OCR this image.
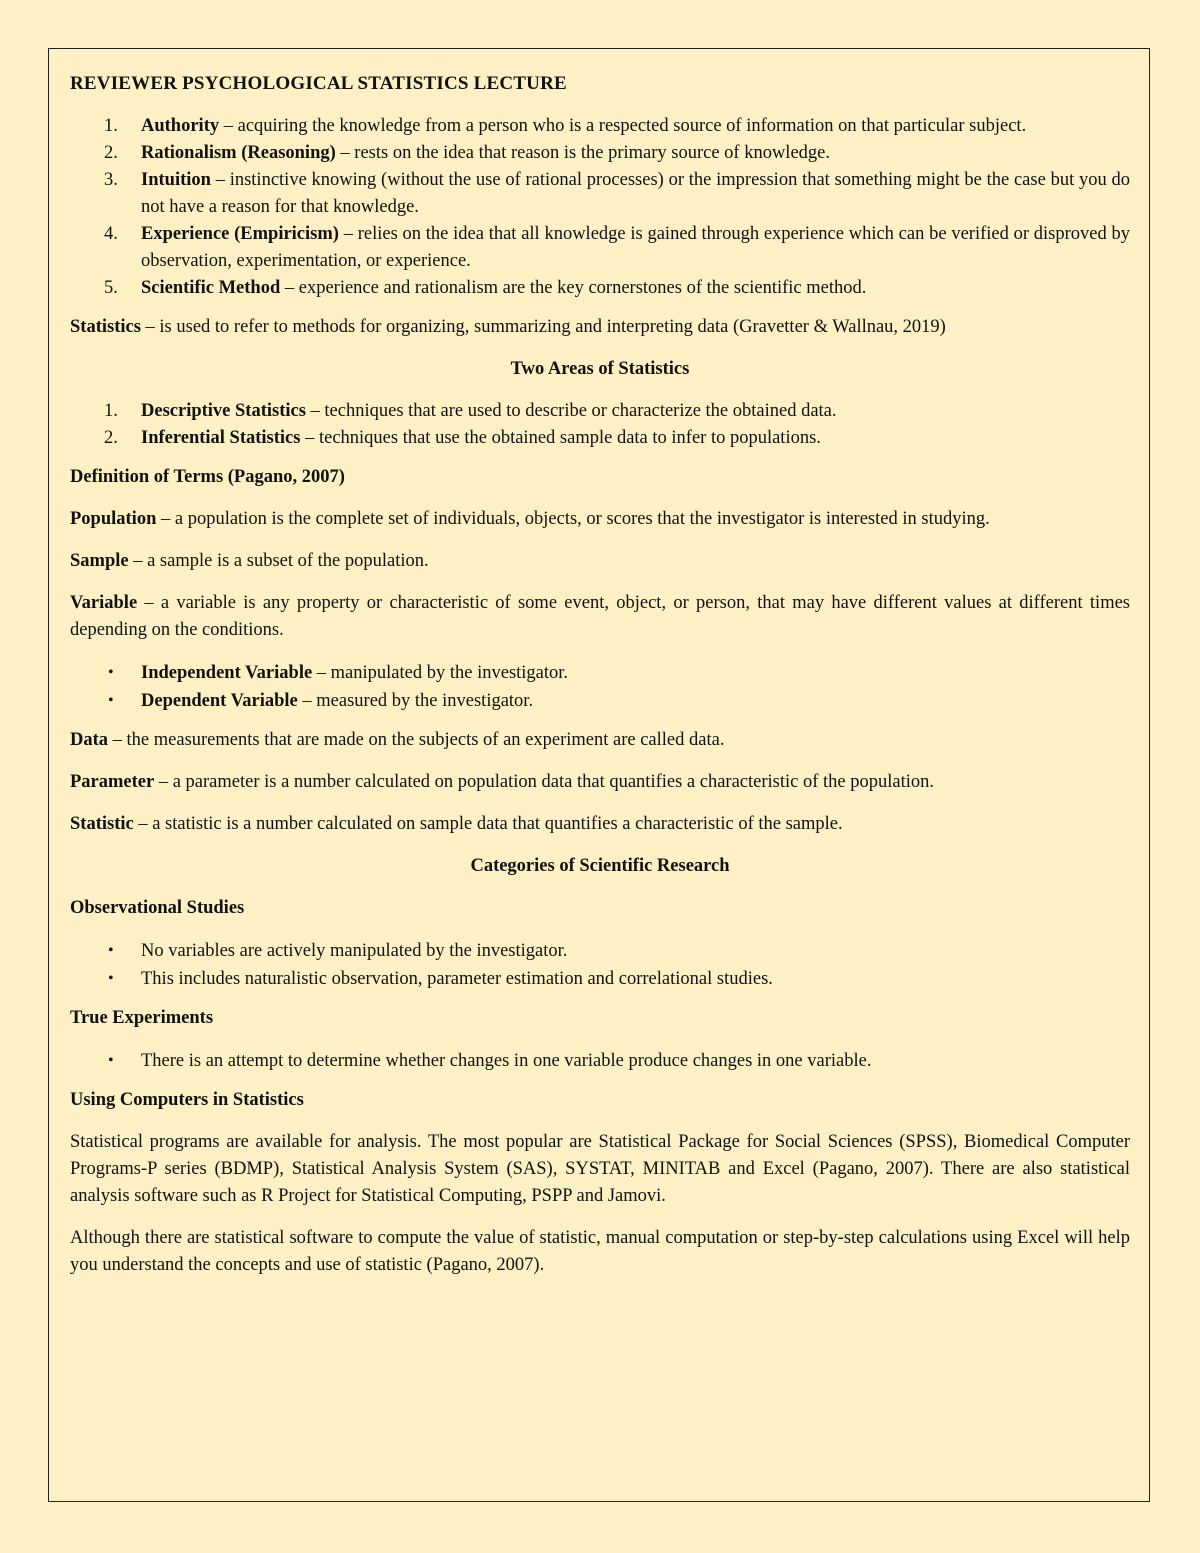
REVIEWER PSYCHOLOGICAL STATISTICS LECTURE
1.	Authority – acquiring the knowledge from a person who is a respected source of information on that particular subject.
2.	Rationalism (Reasoning) – rests on the idea that reason is the primary source of knowledge.
3.	Intuition – instinctive knowing (without the use of rational processes) or the impression that something might be the case but you do not have a reason for that knowledge.
4.	Experience (Empiricism) – relies on the idea that all knowledge is gained through experience which can be verified or disproved by observation, experimentation, or experience.
5.	Scientific Method – experience and rationalism are the key cornerstones of the scientific method.

Statistics – is used to refer to methods for organizing, summarizing and interpreting data (Gravetter & Wallnau, 2019)

Two Areas of Statistics
1.	Descriptive Statistics – techniques that are used to describe or characterize the obtained data.
2.	Inferential Statistics – techniques that use the obtained sample data to infer to populations.
Definition of Terms (Pagano, 2007)

Population – a population is the complete set of individuals, objects, or scores that the investigator is interested in studying.

Sample – a sample is a subset of the population.

Variable – a variable is any property or characteristic of some event, object, or person, that may have different values at different times depending on the conditions.

• Independent Variable – manipulated by the investigator.
• Dependent Variable – measured by the investigator.

Data – the measurements that are made on the subjects of an experiment are called data.

Parameter – a parameter is a number calculated on population data that quantifies a characteristic of the population.

Statistic – a statistic is a number calculated on sample data that quantifies a characteristic of the sample.

Categories of Scientific Research
Observational Studies
• No variables are actively manipulated by the investigator.
• This includes naturalistic observation, parameter estimation and correlational studies.
True Experiments
• There is an attempt to determine whether changes in one variable produce changes in one variable.
Using Computers in Statistics

Statistical programs are available for analysis. The most popular are Statistical Package for Social Sciences (SPSS), Biomedical Computer Programs-P series (BDMP), Statistical Analysis System (SAS), SYSTAT, MINITAB and Excel (Pagano, 2007). There are also statistical analysis software such as R Project for Statistical Computing, PSPP and Jamovi.

Although there are statistical software to compute the value of statistic, manual computation or step-by-step calculations using Excel will help you understand the concepts and use of statistic (Pagano, 2007).
